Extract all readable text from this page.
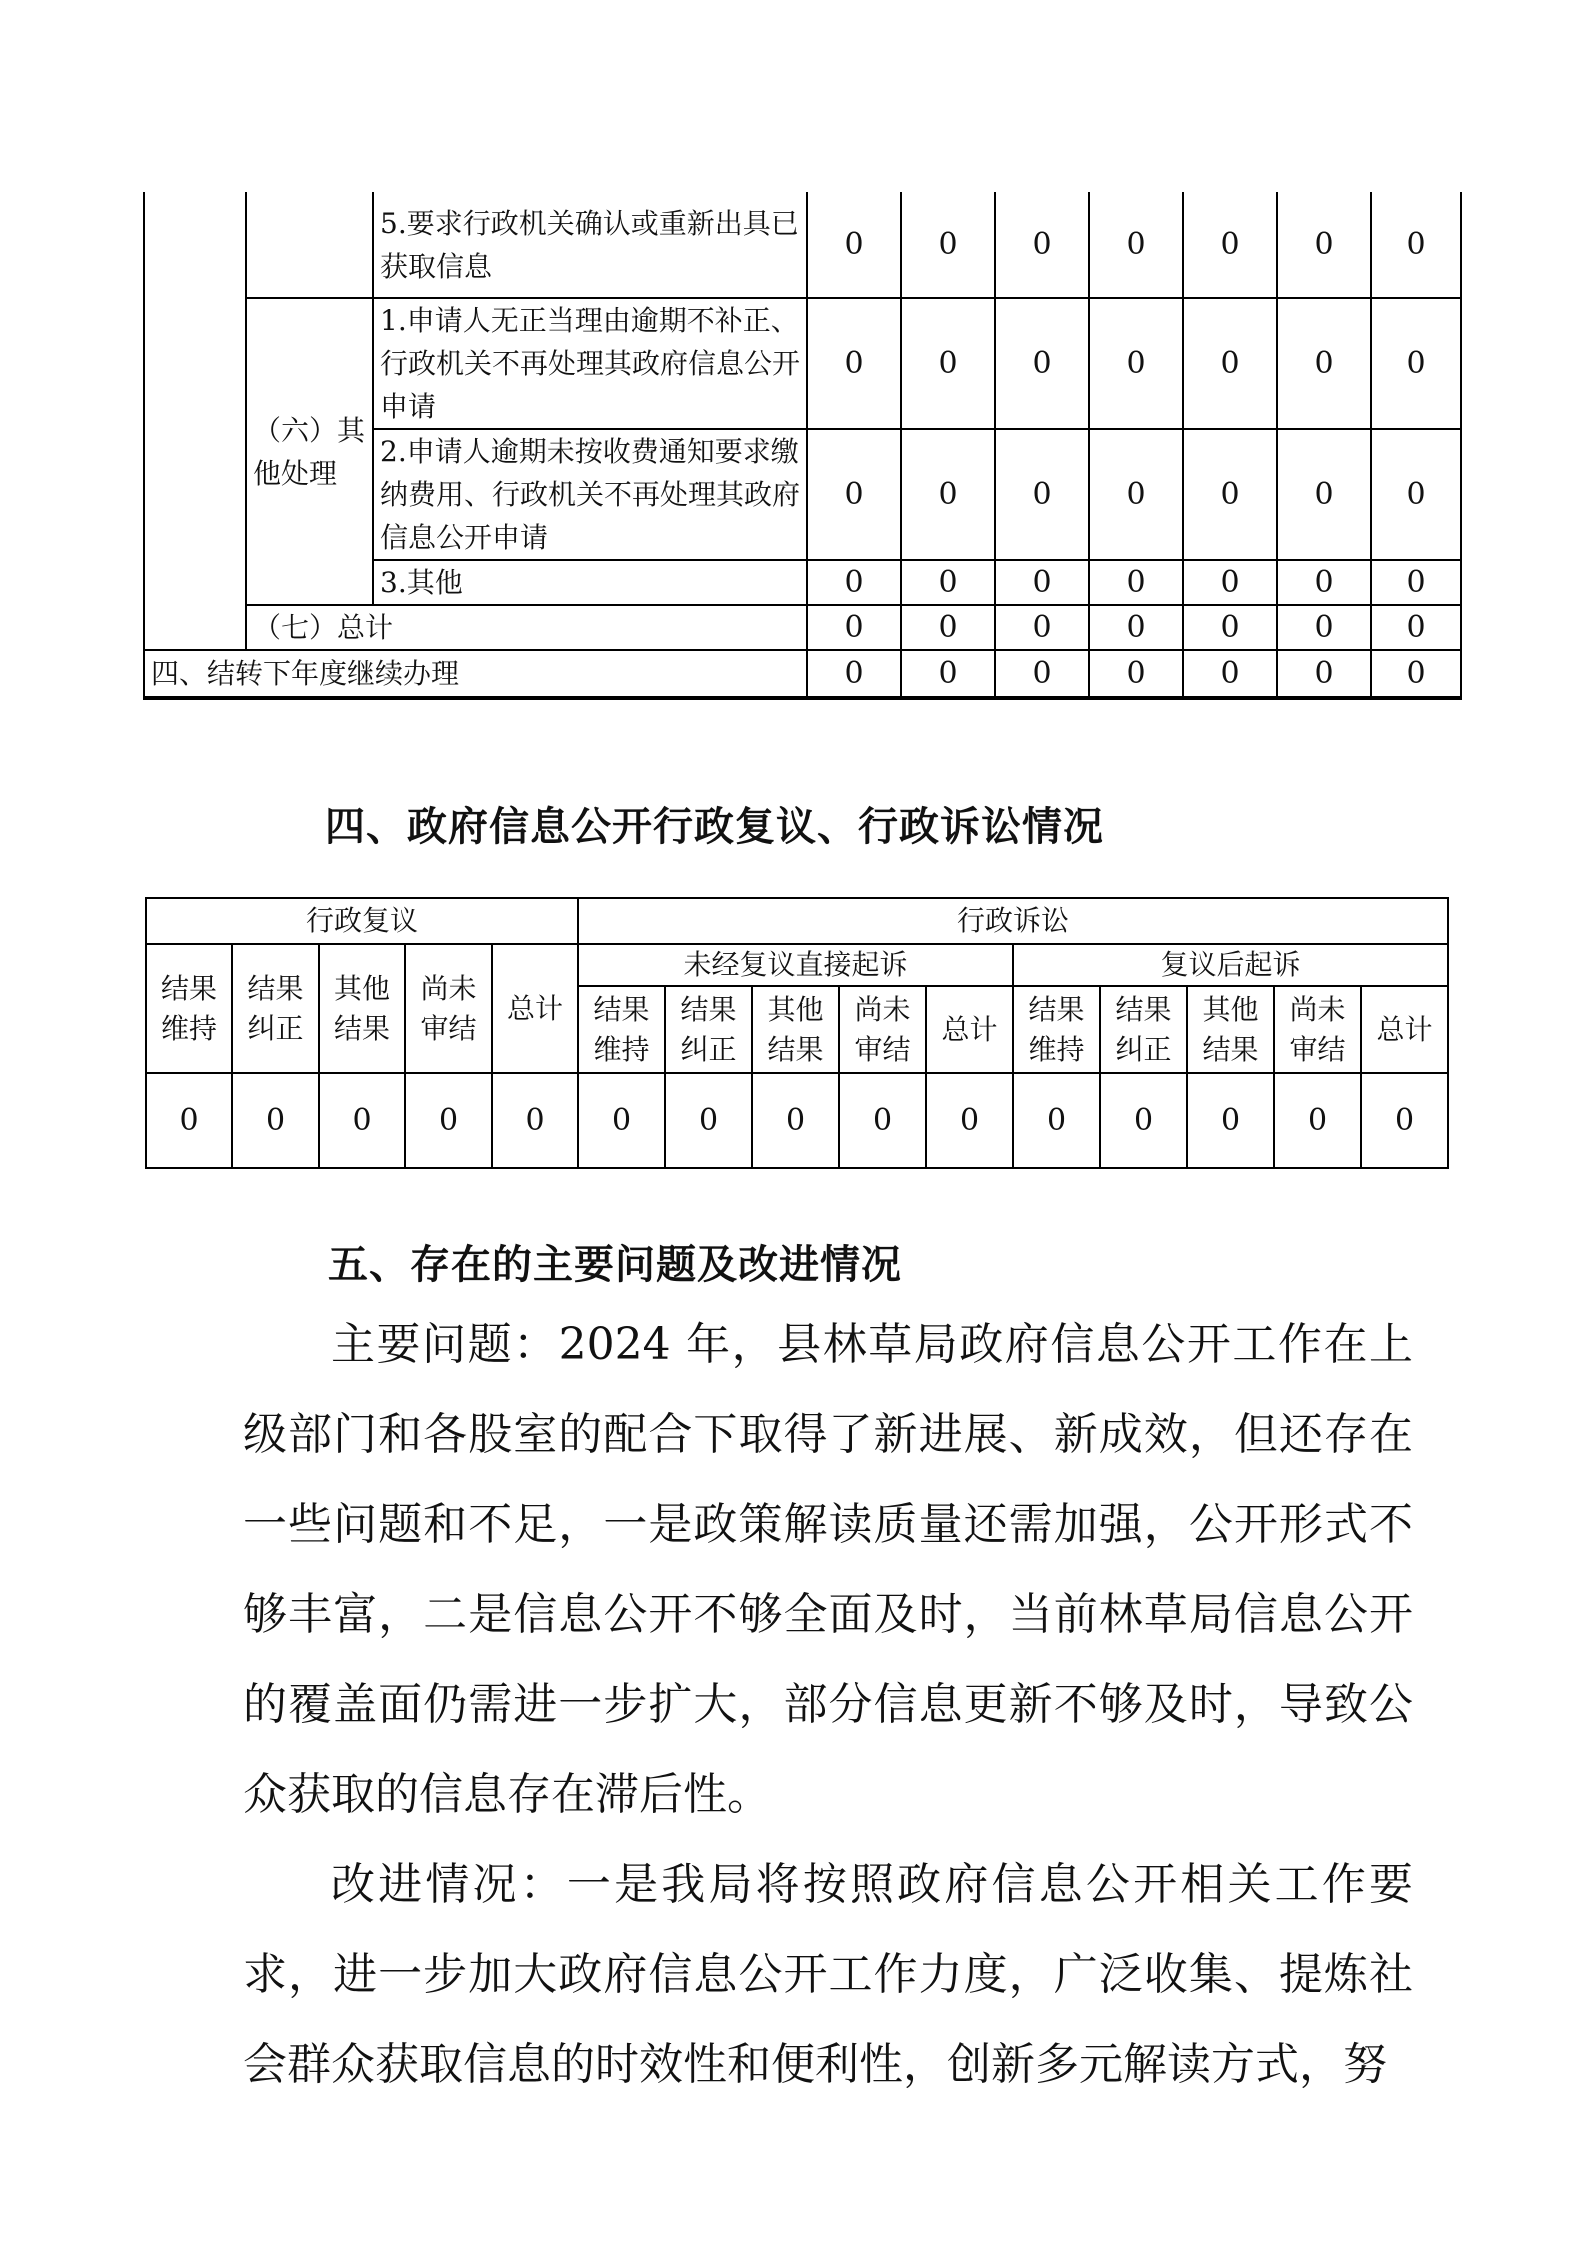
		5.要求行政机关确认或重新出具已获取信息	0	0	0	0	0	0	0
	（六）其他处理	1.申请人无正当理由逾期不补正、行政机关不再处理其政府信息公开申请	0	0	0	0	0	0	0
		2.申请人逾期未按收费通知要求缴纳费用、行政机关不再处理其政府信息公开申请	0	0	0	0	0	0	0
		3.其他	0	0	0	0	0	0	0
	（七）总计		0	0	0	0	0	0	0
四、结转下年度继续办理			0	0	0	0	0	0	0
四、政府信息公开行政复议、行政诉讼情况
行政复议					行政诉讼									
结果维持	结果纠正	其他结果	尚未审结	总计	未经复议直接起诉					复议后起诉				
					结果维持	结果纠正	其他结果	尚未审结	总计	结果维持	结果纠正	其他结果	尚未审结	总计
0	0	0	0	0	0	0	0	0	0	0	0	0	0	0
五、存在的主要问题及改进情况

主要问题：2024 年，县林草局政府信息公开工作在上级部门和各股室的配合下取得了新进展、新成效，但还存在一些问题和不足，一是政策解读质量还需加强，公开形式不够丰富，二是信息公开不够全面及时，当前林草局信息公开的覆盖面仍需进一步扩大，部分信息更新不够及时，导致公众获取的信息存在滞后性。

改进情况：一是我局将按照政府信息公开相关工作要求，进一步加大政府信息公开工作力度，广泛收集、提炼社会群众获取信息的时效性和便利性，创新多元解读方式，努
